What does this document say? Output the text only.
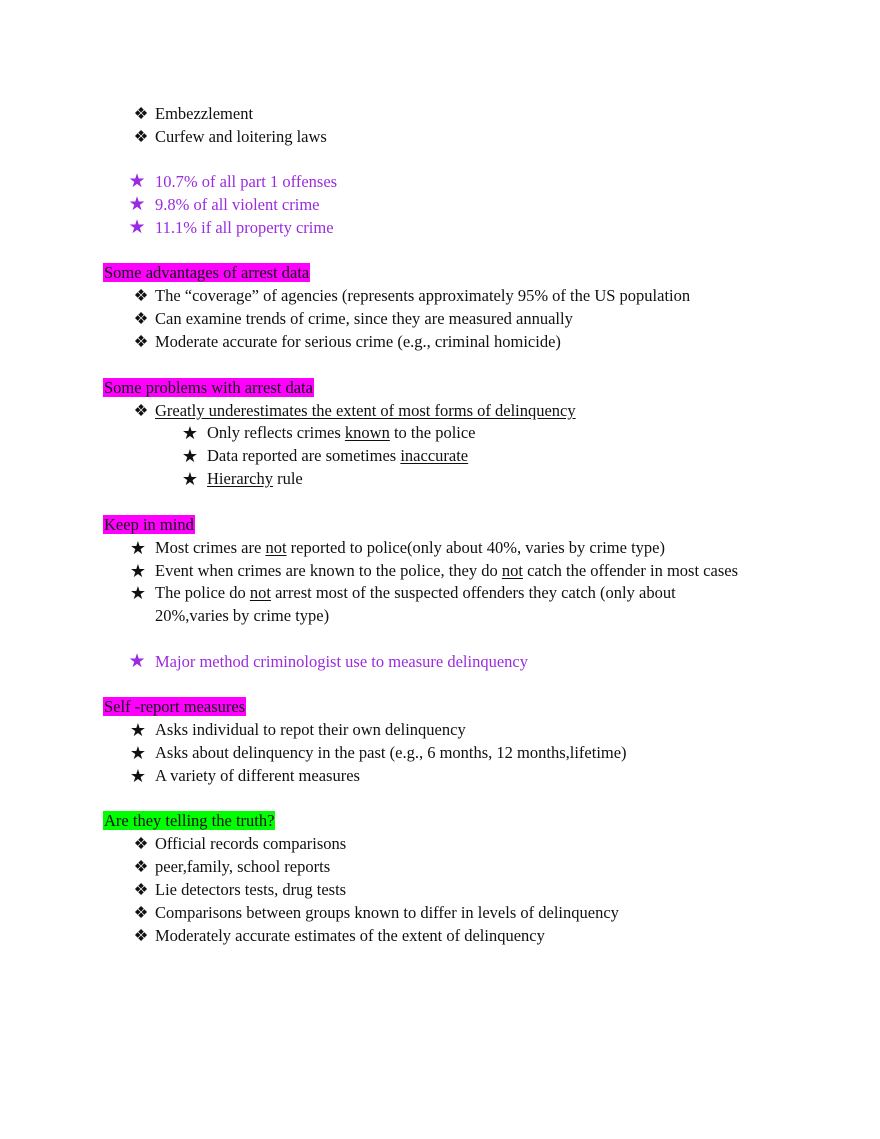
❖ Embezzlement
❖ Curfew and loitering laws
★ 10.7% of all part 1 offenses
★ 9.8% of all violent crime
★ 11.1% if all property crime
Some advantages of arrest data
❖ The “coverage” of agencies (represents approximately 95% of the US population
❖ Can examine trends of crime, since they are measured annually
❖ Moderate accurate for serious crime (e.g., criminal homicide)
Some problems with arrest data
❖ Greatly underestimates the extent of most forms of delinquency
★ Only reflects crimes known to the police
★ Data reported are sometimes inaccurate
★ Hierarchy rule
Keep in mind
★ Most crimes are not reported to police(only about 40%, varies by crime type)
★ Event when crimes are known to the police, they do not catch the offender in most cases
★ The police do not arrest most of the suspected offenders they catch (only about
20%,varies by crime type)
★ Major method criminologist use to measure delinquency
Self -report measures
★ Asks individual to repot their own delinquency
★ Asks about delinquency in the past (e.g., 6 months, 12 months,lifetime)
★ A variety of different measures
Are they telling the truth?
❖ Official records comparisons
❖ peer,family, school reports
❖ Lie detectors tests, drug tests
❖ Comparisons between groups known to differ in levels of delinquency
❖ Moderately accurate estimates of the extent of delinquency
